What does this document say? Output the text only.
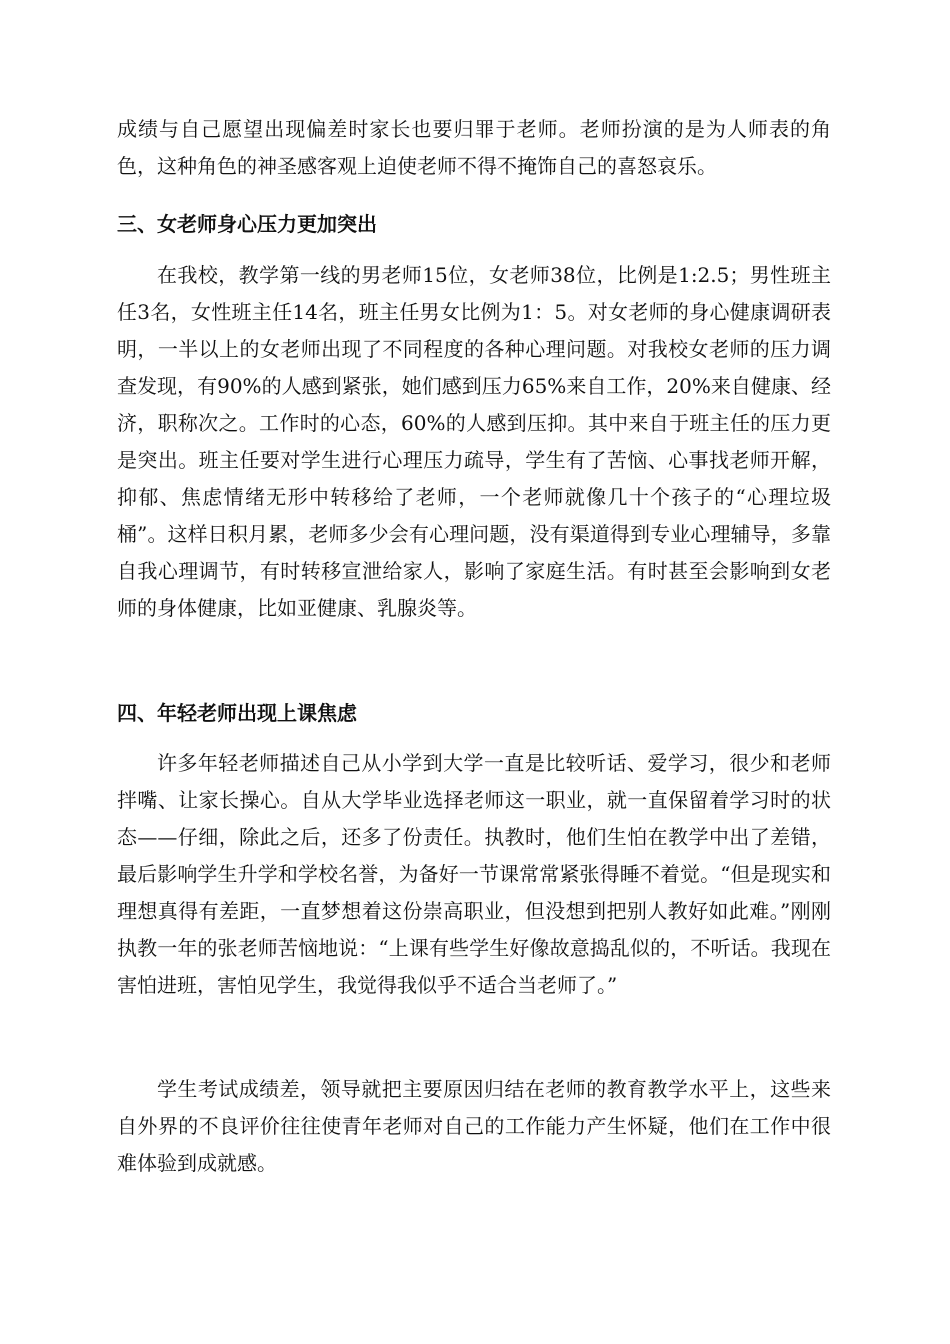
成绩与自己愿望出现偏差时家长也要归罪于老师。老师扮演的是为人师表的角色，这种角色的神圣感客观上迫使老师不得不掩饰自己的喜怒哀乐。

三、女老师身心压力更加突出

在我校，教学第一线的男老师15位，女老师38位，比例是1:2.5；男性班主任3名，女性班主任14名，班主任男女比例为1：5。对女老师的身心健康调研表明，一半以上的女老师出现了不同程度的各种心理问题。对我校女老师的压力调查发现，有90%的人感到紧张，她们感到压力65%来自工作，20%来自健康、经济，职称次之。工作时的心态，60%的人感到压抑。其中来自于班主任的压力更是突出。班主任要对学生进行心理压力疏导，学生有了苦恼、心事找老师开解，抑郁、焦虑情绪无形中转移给了老师，一个老师就像几十个孩子的“心理垃圾桶”。这样日积月累，老师多少会有心理问题，没有渠道得到专业心理辅导，多靠自我心理调节，有时转移宣泄给家人，影响了家庭生活。有时甚至会影响到女老师的身体健康，比如亚健康、乳腺炎等。

四、年轻老师出现上课焦虑

许多年轻老师描述自己从小学到大学一直是比较听话、爱学习，很少和老师拌嘴、让家长操心。自从大学毕业选择老师这一职业，就一直保留着学习时的状态——仔细，除此之后，还多了份责任。执教时，他们生怕在教学中出了差错，最后影响学生升学和学校名誉，为备好一节课常常紧张得睡不着觉。“但是现实和理想真得有差距，一直梦想着这份崇高职业，但没想到把别人教好如此难。”刚刚执教一年的张老师苦恼地说：“上课有些学生好像故意捣乱似的，不听话。我现在害怕进班，害怕见学生，我觉得我似乎不适合当老师了。”

学生考试成绩差，领导就把主要原因归结在老师的教育教学水平上，这些来自外界的不良评价往往使青年老师对自己的工作能力产生怀疑，他们在工作中很难体验到成就感。
